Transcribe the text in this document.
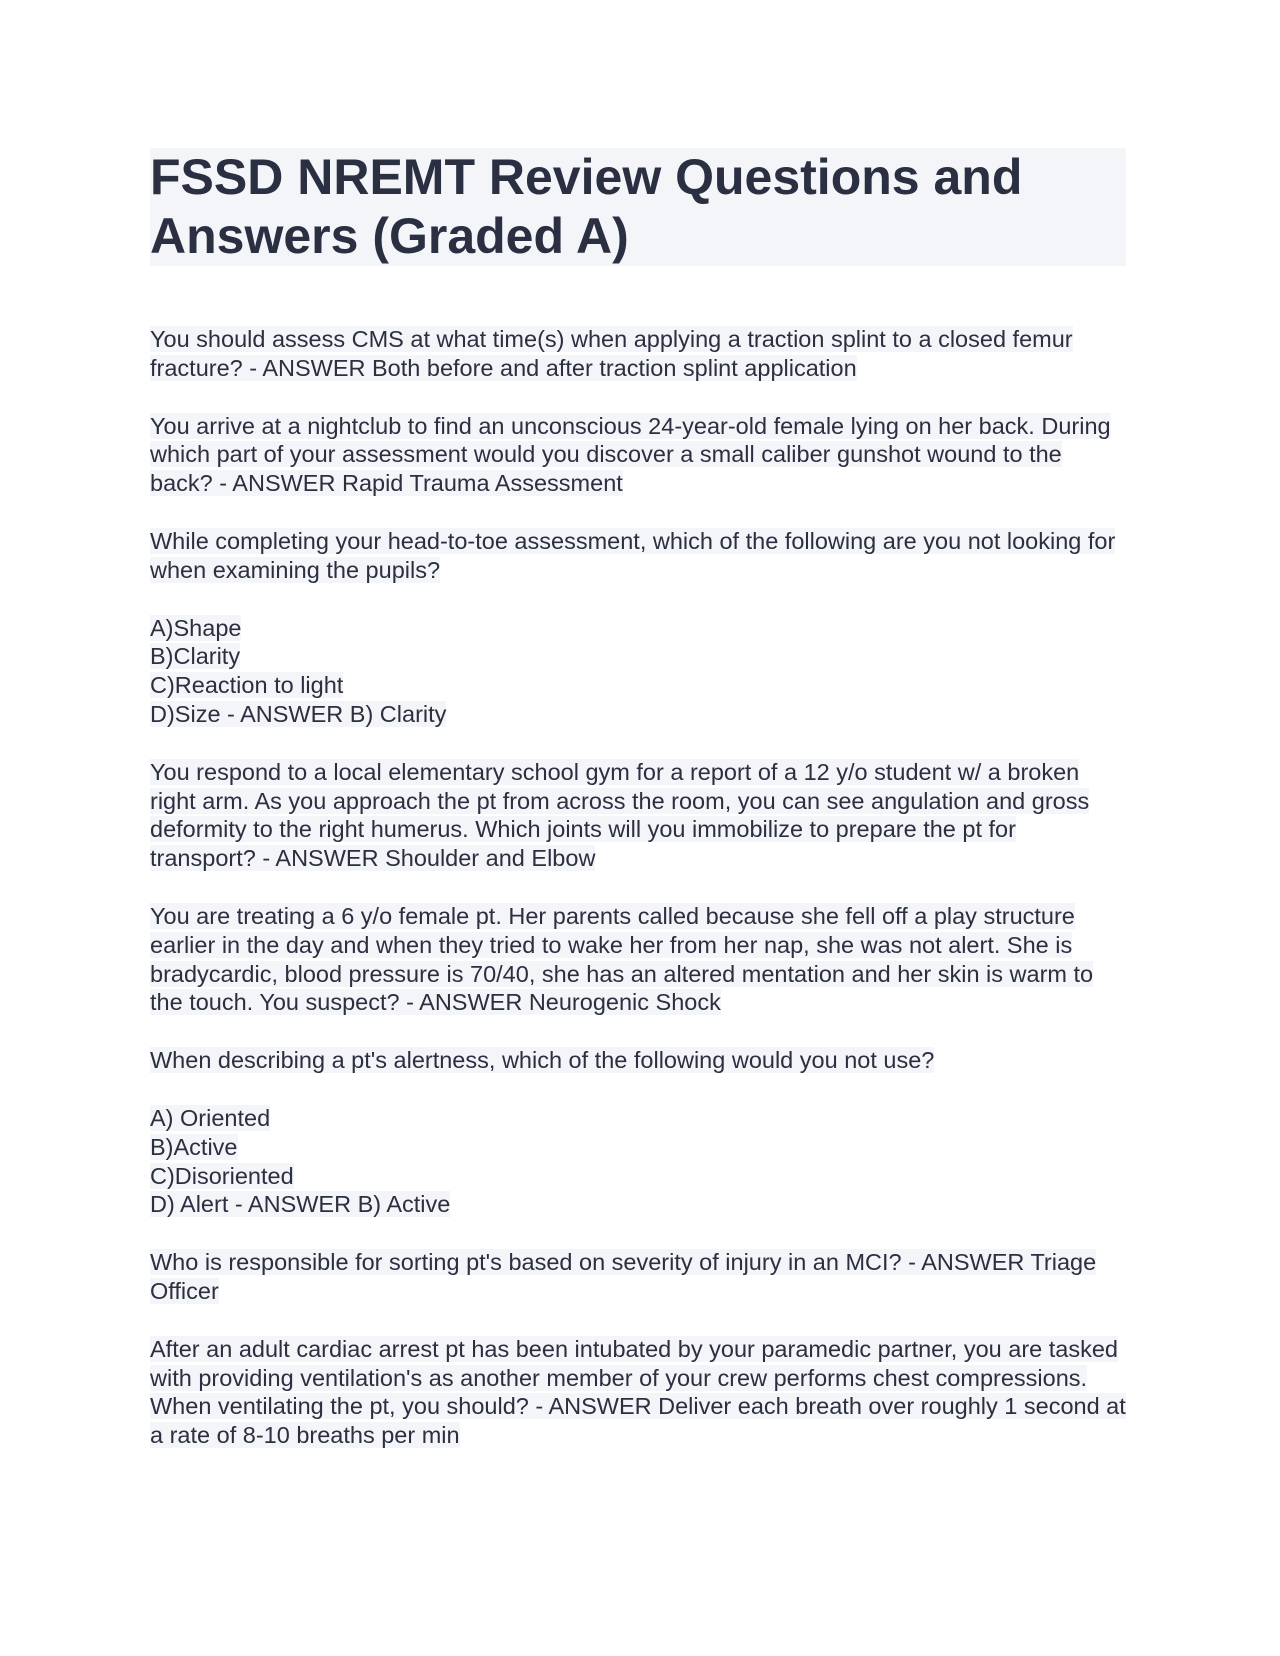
FSSD NREMT Review Questions and Answers (Graded A)

You should assess CMS at what time(s) when applying a traction splint to a closed femur fracture? - ANSWER Both before and after traction splint application

You arrive at a nightclub to find an unconscious 24-year-old female lying on her back. During which part of your assessment would you discover a small caliber gunshot wound to the back? - ANSWER Rapid Trauma Assessment

While completing your head-to-toe assessment, which of the following are you not looking for when examining the pupils?

A)Shape
B)Clarity
C)Reaction to light
D)Size - ANSWER B) Clarity

You respond to a local elementary school gym for a report of a 12 y/o student w/ a broken right arm. As you approach the pt from across the room, you can see angulation and gross deformity to the right humerus. Which joints will you immobilize to prepare the pt for transport? - ANSWER Shoulder and Elbow

You are treating a 6 y/o female pt. Her parents called because she fell off a play structure earlier in the day and when they tried to wake her from her nap, she was not alert. She is bradycardic, blood pressure is 70/40, she has an altered mentation and her skin is warm to the touch. You suspect? - ANSWER Neurogenic Shock

When describing a pt's alertness, which of the following would you not use?

A) Oriented
B)Active
C)Disoriented
D) Alert - ANSWER B) Active

Who is responsible for sorting pt's based on severity of injury in an MCI? - ANSWER Triage Officer

After an adult cardiac arrest pt has been intubated by your paramedic partner, you are tasked with providing ventilation's as another member of your crew performs chest compressions. When ventilating the pt, you should? - ANSWER Deliver each breath over roughly 1 second at a rate of 8-10 breaths per min
